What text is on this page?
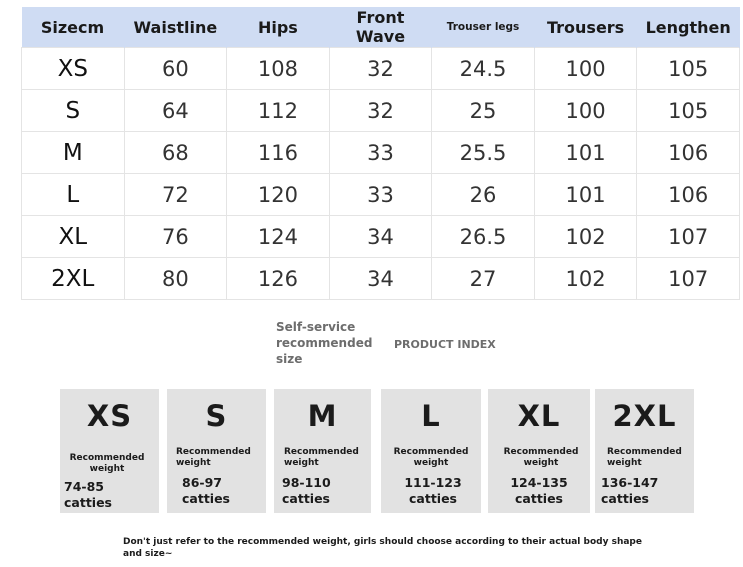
Sizecm	Waistline	Hips	Front Wave	Trouser legs	Trousers	Lengthen
XS	60	108	32	24.5	100	105
S	64	112	32	25	100	105
M	68	116	33	25.5	101	106
L	72	120	33	26	101	106
XL	76	124	34	26.5	102	107
2XL	80	126	34	27	102	107
Self-service recommended size
PRODUCT INDEX
XS
Recommended weight
74-85 catties
S
Recommended weight
86-97 catties
M
Recommended weight
98-110 catties
L
Recommended weight
111-123 catties
XL
Recommended weight
124-135 catties
2XL
Recommended weight
136-147 catties
Don't just refer to the recommended weight, girls should choose according to their actual body shape and size~
